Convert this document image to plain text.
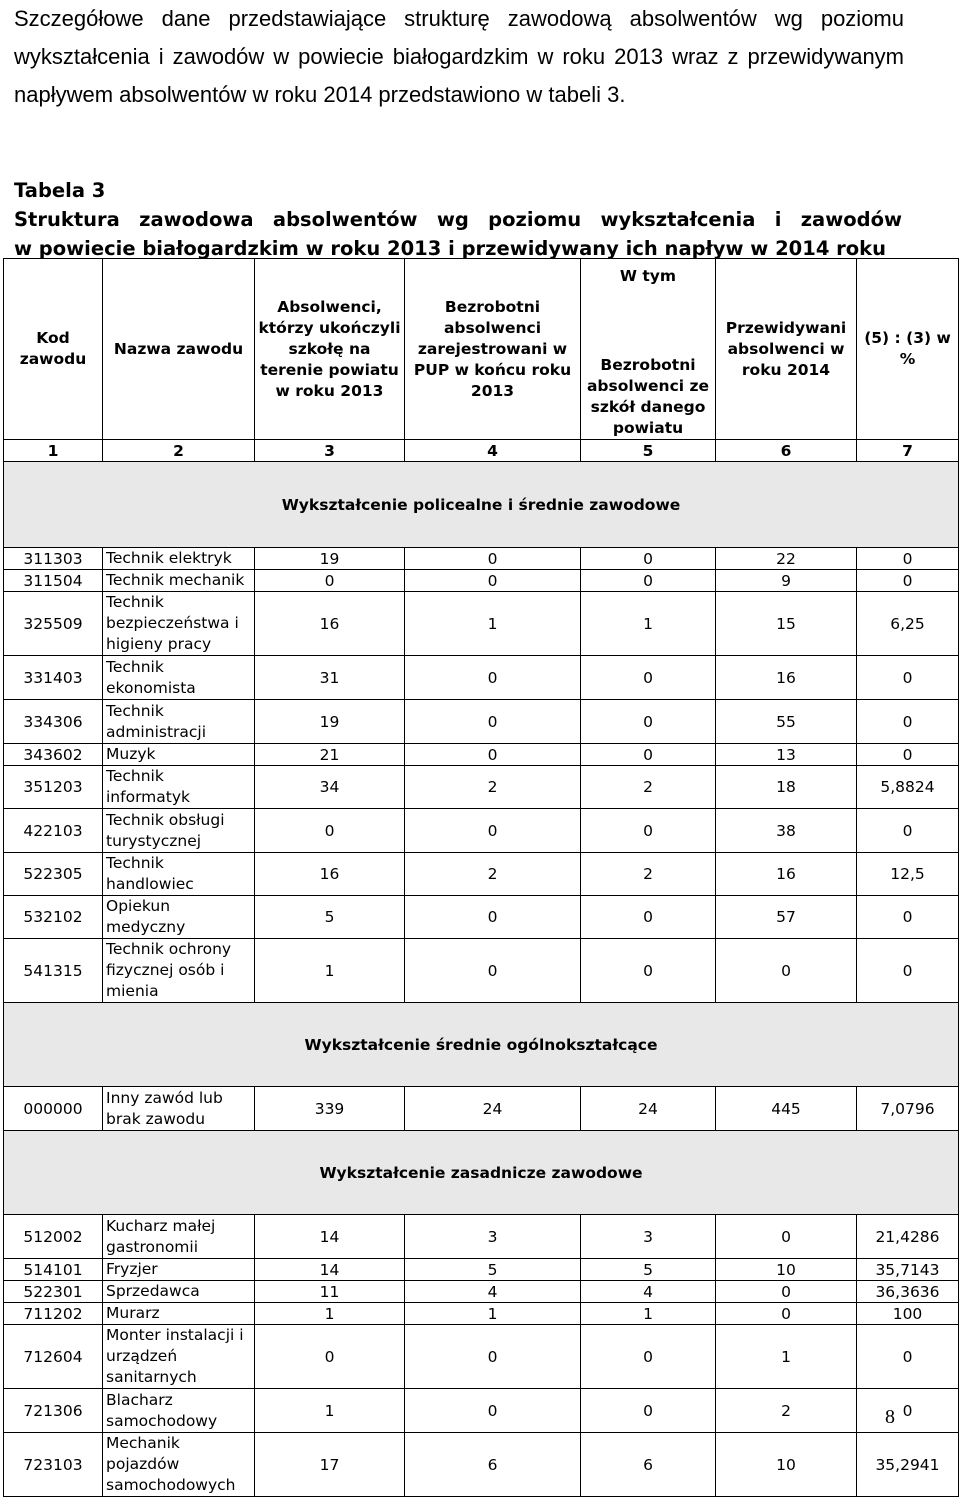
Szczegółowe dane przedstawiające strukturę zawodową absolwentów wg poziomu wykształcenia i zawodów w powiecie białogardzkim w roku 2013 wraz z przewidywanym napływem absolwentów w roku 2014 przedstawiono w tabeli 3.

Tabela 3
Struktura zawodowa absolwentów wg poziomu wykształcenia i zawodów
w powiecie białogardzkim w roku 2013 i przewidywany ich napływ w 2014 roku
Kod zawodu	Nazwa zawodu	Absolwenci, którzy ukończyli szkołę na terenie powiatu w roku 2013	Bezrobotni absolwenci zarejestrowani w PUP w końcu roku 2013	W tym	Przewidywani absolwenci w roku 2014	(5) : (3) w %
				Bezrobotni absolwenci ze szkół danego powiatu		
1	2	3	4	5	6	7
Wykształcenie policealne i średnie zawodowe						
311303	Technik elektryk	19	0	0	22	0
311504	Technik mechanik	0	0	0	9	0
325509	Technik bezpieczeństwa i higieny pracy	16	1	1	15	6,25
331403	Technik ekonomista	31	0	0	16	0
334306	Technik administracji	19	0	0	55	0
343602	Muzyk	21	0	0	13	0
351203	Technik informatyk	34	2	2	18	5,8824
422103	Technik obsługi turystycznej	0	0	0	38	0
522305	Technik handlowiec	16	2	2	16	12,5
532102	Opiekun medyczny	5	0	0	57	0
541315	Technik ochrony fizycznej osób i mienia	1	0	0	0	0
Wykształcenie średnie ogólnokształcące						
000000	Inny zawód lub brak zawodu	339	24	24	445	7,0796
Wykształcenie zasadnicze zawodowe						
512002	Kucharz małej gastronomii	14	3	3	0	21,4286
514101	Fryzjer	14	5	5	10	35,7143
522301	Sprzedawca	11	4	4	0	36,3636
711202	Murarz	1	1	1	0	100
712604	Monter instalacji i urządzeń sanitarnych	0	0	0	1	0
721306	Blacharz samochodowy	1	0	0	2	0
723103	Mechanik pojazdów samochodowych	17	6	6	10	35,2941
8
